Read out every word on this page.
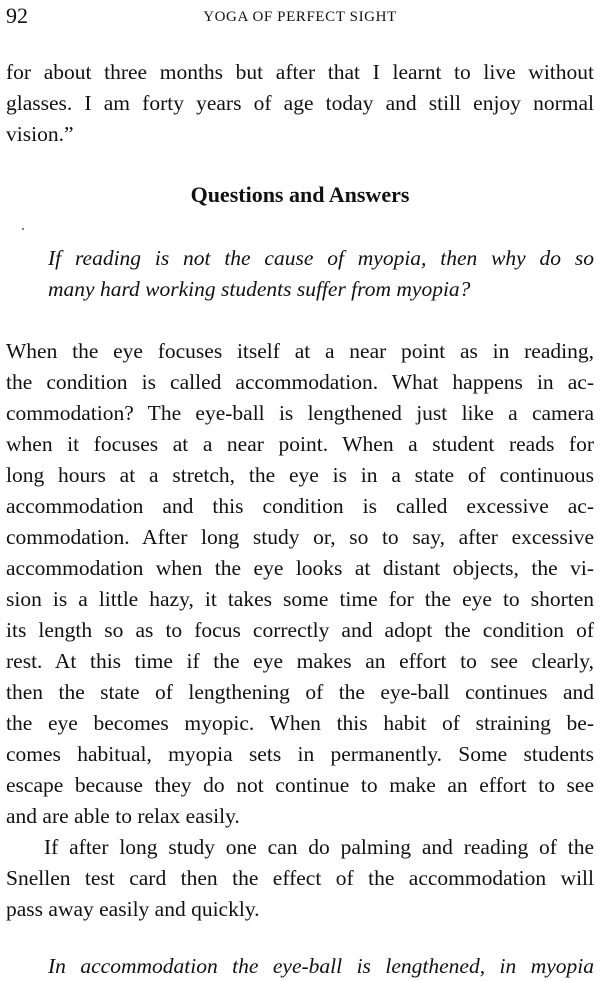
92	YOGA OF PERFECT SIGHT
for about three months but after that I learnt to live without
glasses. I am forty years of age today and still enjoy normal
vision.”
Questions and Answers
If reading is not the cause of myopia, then why do so
many hard working students suffer from myopia?
When the eye focuses itself at a near point as in reading,
the condition is called accommodation. What happens in ac-
commodation? The eye-ball is lengthened just like a camera
when it focuses at a near point. When a student reads for
long hours at a stretch, the eye is in a state of continuous
accommodation and this condition is called excessive ac-
commodation. After long study or, so to say, after excessive
accommodation when the eye looks at distant objects, the vi-
sion is a little hazy, it takes some time for the eye to shorten
its length so as to focus correctly and adopt the condition of
rest. At this time if the eye makes an effort to see clearly,
then the state of lengthening of the eye-ball continues and
the eye becomes myopic. When this habit of straining be-
comes habitual, myopia sets in permanently. Some students
escape because they do not continue to make an effort to see
and are able to relax easily.
If after long study one can do palming and reading of the
Snellen test card then the effect of the accommodation will
pass away easily and quickly.
In accommodation the eye-ball is lengthened, in myopia
